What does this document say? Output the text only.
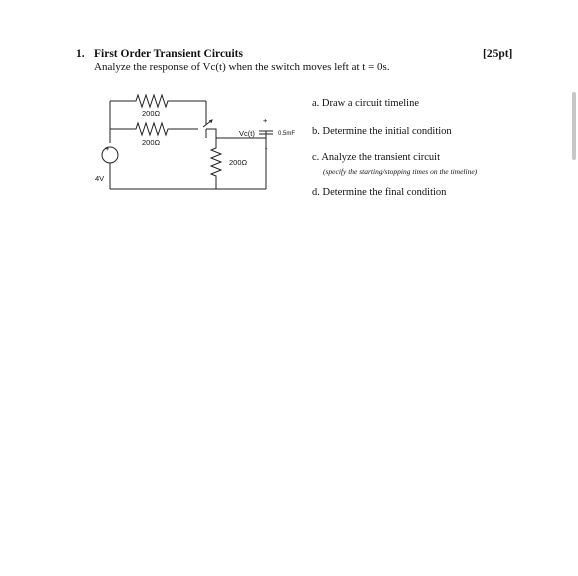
1. First Order Transient Circuits	[25pt]
Analyze the response of Vc(t) when the switch moves left at t = 0s.
200Ω
200Ω
+
4V
200Ω
+
-
Vc(t)	0.5mF
a. Draw a circuit timeline
b. Determine the initial condition
c. Analyze the transient circuit
(specify the starting/stopping times on the timeline)
d. Determine the final condition
